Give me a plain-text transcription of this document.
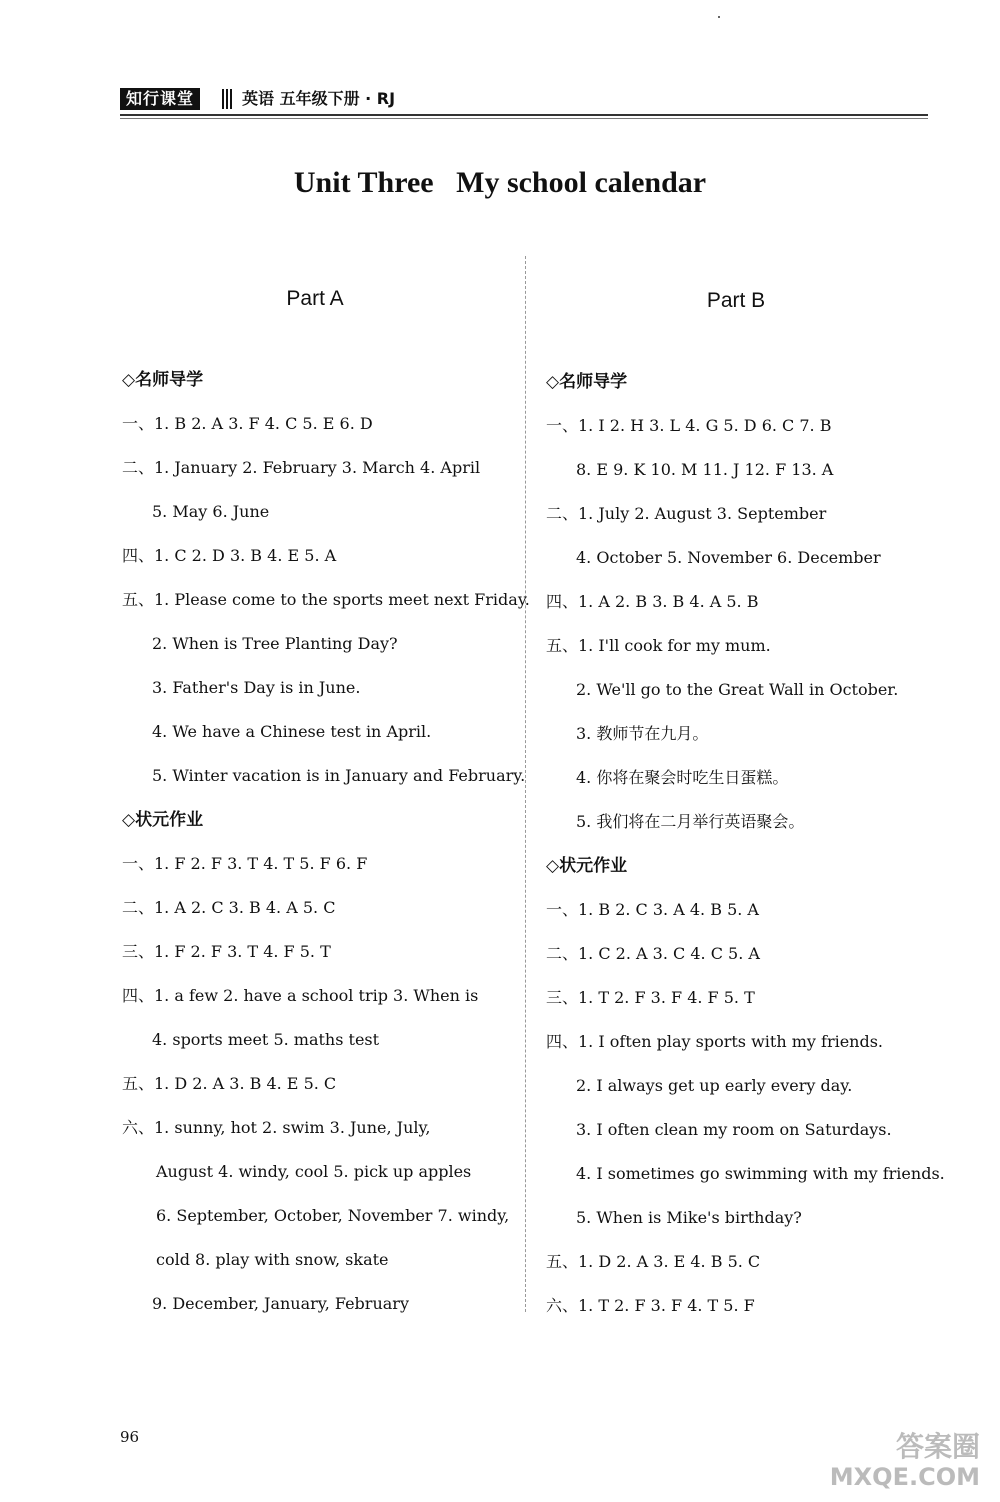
知行课堂	英语 五年级下册 · RJ
Unit Three   My school calendar
Part A
◇名师导学
一、1. B 2. A 3. F 4. C 5. E 6. D
二、1. January 2. February 3. March 4. April
5. May 6. June
四、1. C 2. D 3. B 4. E 5. A
五、1. Please come to the sports meet next Friday.
2. When is Tree Planting Day?
3. Father's Day is in June.
4. We have a Chinese test in April.
5. Winter vacation is in January and February.
◇状元作业
一、1. F 2. F 3. T 4. T 5. F 6. F
二、1. A 2. C 3. B 4. A 5. C
三、1. F 2. F 3. T 4. F 5. T
四、1. a few 2. have a school trip 3. When is
4. sports meet 5. maths test
五、1. D 2. A 3. B 4. E 5. C
六、1. sunny, hot 2. swim 3. June, July,
August 4. windy, cool 5. pick up apples
6. September, October, November 7. windy,
cold 8. play with snow, skate
9. December, January, February
Part B
◇名师导学
一、1. I 2. H 3. L 4. G 5. D 6. C 7. B
8. E 9. K 10. M 11. J 12. F 13. A
二、1. July 2. August 3. September
4. October 5. November 6. December
四、1. A 2. B 3. B 4. A 5. B
五、1. I'll cook for my mum.
2. We'll go to the Great Wall in October.
3. 教师节在九月。
4. 你将在聚会时吃生日蛋糕。
5. 我们将在二月举行英语聚会。
◇状元作业
一、1. B 2. C 3. A 4. B 5. A
二、1. C 2. A 3. C 4. C 5. A
三、1. T 2. F 3. F 4. F 5. T
四、1. I often play sports with my friends.
2. I always get up early every day.
3. I often clean my room on Saturdays.
4. I sometimes go swimming with my friends.
5. When is Mike's birthday?
五、1. D 2. A 3. E 4. B 5. C
六、1. T 2. F 3. F 4. T 5. F
96	答案圈
MXQE.COM
